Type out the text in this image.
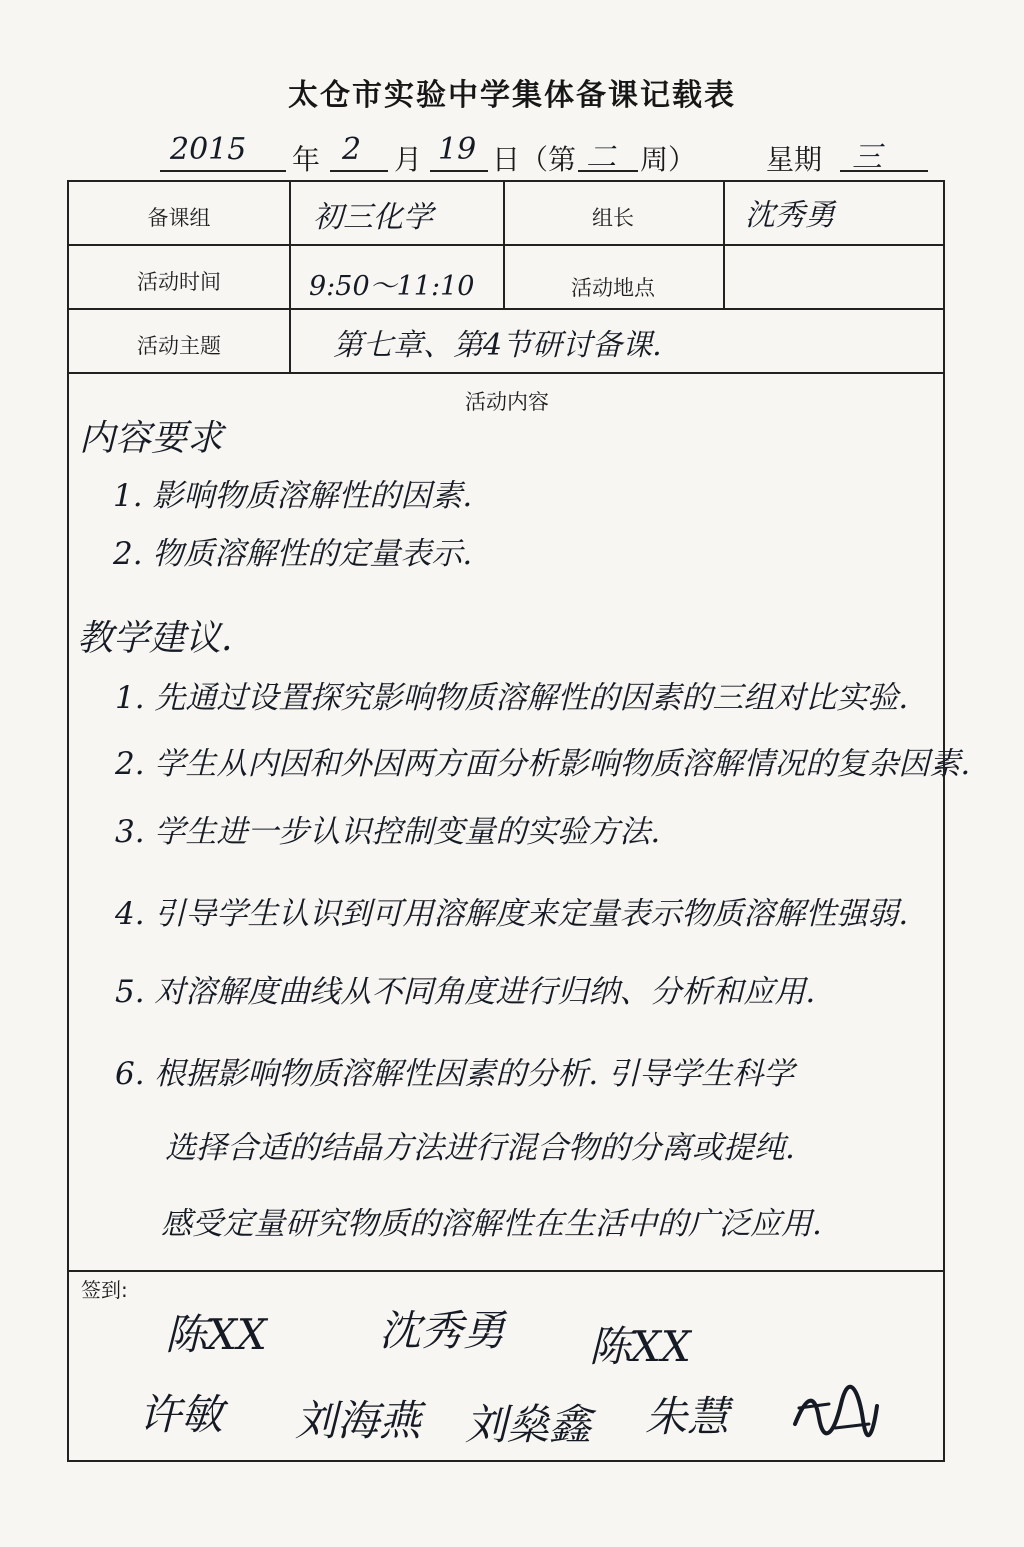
太仓市实验中学集体备课记载表
2015 年 2 月 19 日（第 二 周） 星期 三
备课组	初三化学	组长	沈秀勇
活动时间	9:50～11:10	活动地点
活动主题	第七章、第4节研讨备课.
活动内容
内容要求
1. 影响物质溶解性的因素.
2. 物质溶解性的定量表示.
教学建议.
1. 先通过设置探究影响物质溶解性的因素的三组对比实验.
2. 学生从内因和外因两方面分析影响物质溶解情况的复杂因素.
3. 学生进一步认识控制变量的实验方法.
4. 引导学生认识到可用溶解度来定量表示物质溶解性强弱.
5. 对溶解度曲线从不同角度进行归纳、分析和应用.
6. 根据影响物质溶解性因素的分析. 引导学生科学
选择合适的结晶方法进行混合物的分离或提纯.
感受定量研究物质的溶解性在生活中的广泛应用.
签到:
陈ⅩⅩ	沈秀勇 陈ⅩⅩ
许敏 刘海燕 刘燊鑫 朱慧
